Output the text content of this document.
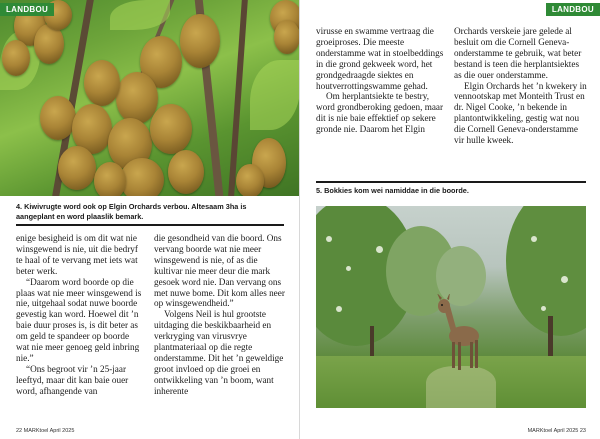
LANDBOU
4. Kiwivrugte word ook op Elgin Orchards verbou. Altesaam 3ha is aangeplant en word plaaslik bemark.

enige besigheid is om dit wat nie winsgewend is nie, uit die bedryf te haal of te vervang met iets wat beter werk.

“Daarom word boorde op die plaas wat nie meer winsgewend is nie, uitgehaal sodat nuwe boorde gevestig kan word. Hoewel dit ’n baie duur proses is, is dit beter as om geld te spandeer op boorde wat nie meer genoeg geld inbring nie.”

“Ons begroot vir ’n 25-jaar leeftyd, maar dit kan baie ouer word, afhangende van

die gesondheid van die boord. Ons vervang boorde wat nie meer winsgewend is nie, of as die kultivar nie meer deur die mark gesoek word nie. Dan vervang ons met nuwe bome. Dit kom alles neer op winsgewendheid.”

Volgens Neil is hul grootste uitdaging die beskikbaarheid en verkryging van virusvrye plantmateriaal op die regte onderstamme. Dit het ’n geweldige groot invloed op die groei en ontwikkeling van ’n boom, want inherente

22 MARKtoel April 2025
LANDBOU

virusse en swamme vertraag die groeiproses. Die meeste onderstamme wat in stoelbeddings in die grond gekweek word, het grondgedraagde siektes en houtverrottingswamme gehad.

Om herplantsiekte te bestry, word grondberoking gedoen, maar dit is nie baie effektief op sekere gronde nie. Daarom het Elgin

Orchards verskeie jare gelede al besluit om die Cornell Geneva-onderstamme te gebruik, wat beter bestand is teen die herplantsiektes as die ouer onderstamme.

Elgin Orchards het ’n kwekery in vennootskap met Monteith Trust en dr. Nigel Cooke, ’n bekende in plantontwikkeling, gestig wat nou die Cornell Geneva-onderstamme vir hulle kweek.

5. Bokkies kom wei namiddae in die boorde.
MARKtoel April 2025 23
